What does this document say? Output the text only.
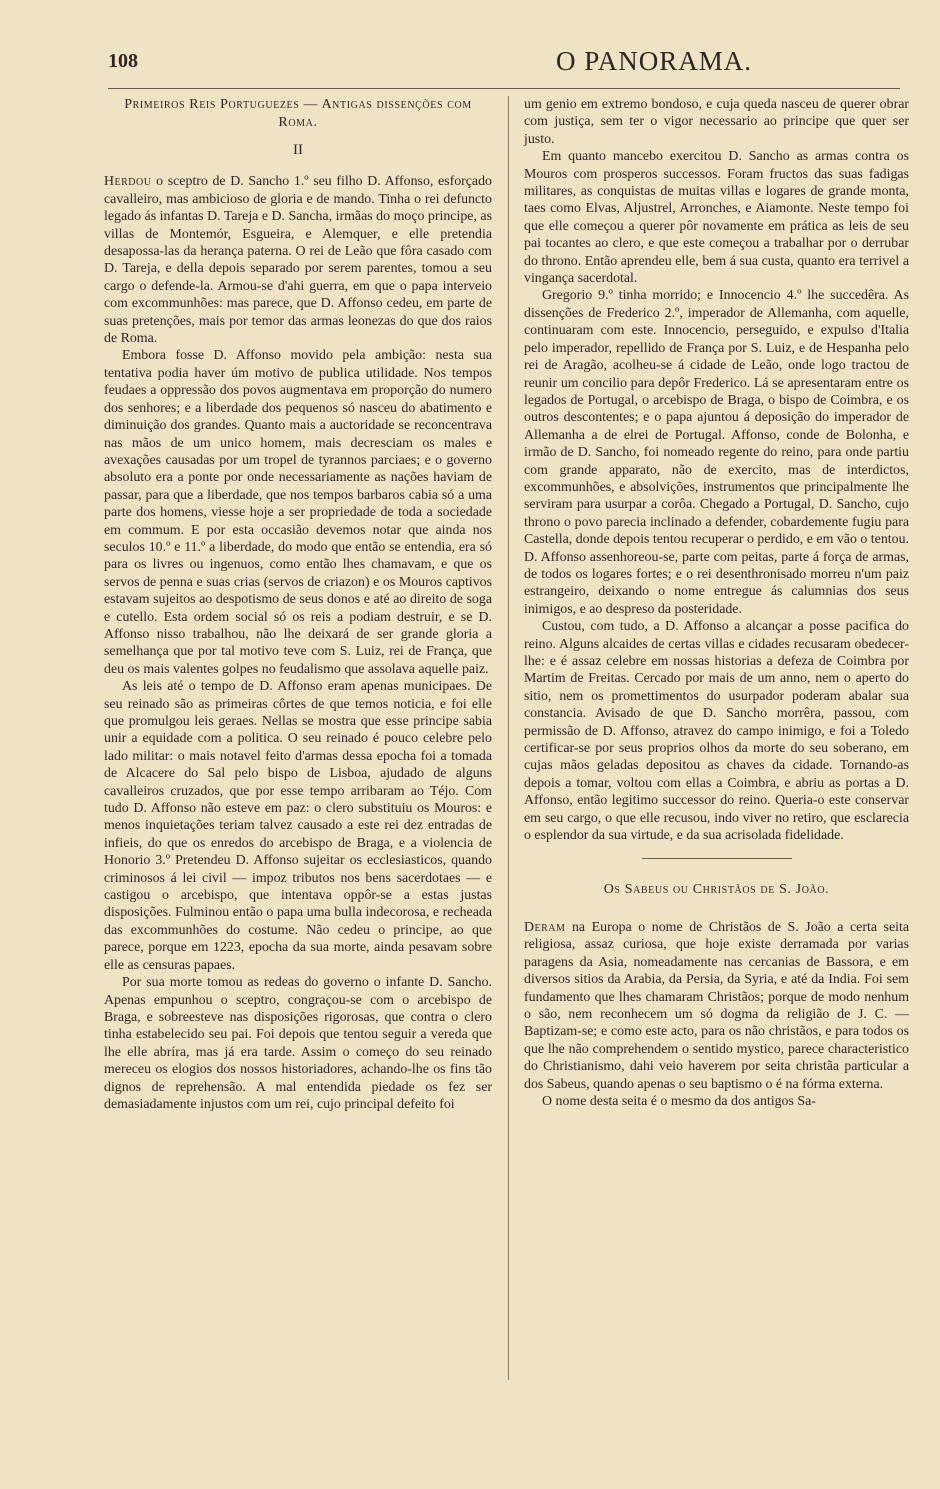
108	O PANORAMA.
Primeiros Reis Portuguezes — Antigas dissenções com Roma.
II

Herdou o sceptro de D. Sancho 1.º seu filho D. Affonso, esforçado cavalleiro, mas ambicioso de gloria e de mando. Tinha o rei defuncto legado ás infantas D. Tareja e D. Sancha, irmãas do moço principe, as villas de Montemór, Esgueira, e Alemquer, e elle pretendia desapossa-las da herança paterna. O rei de Leão que fôra casado com D. Tareja, e della depois separado por serem parentes, tomou a seu cargo o defende-la. Armou-se d'ahi guerra, em que o papa interveio com excommunhões: mas parece, que D. Affonso cedeu, em parte de suas pretenções, mais por temor das armas leonezas do que dos raios de Roma.

Embora fosse D. Affonso movido pela ambição: nesta sua tentativa podia haver úm motivo de publica utilidade. Nos tempos feudaes a oppressão dos povos augmentava em proporção do numero dos senhores; e a liberdade dos pequenos só nasceu do abatimento e diminuição dos grandes. Quanto mais a auctoridade se reconcentrava nas mãos de um unico homem, mais decresciam os males e avexações causadas por um tropel de tyrannos parciaes; e o governo absoluto era a ponte por onde necessariamente as nações haviam de passar, para que a liberdade, que nos tempos barbaros cabia só a uma parte dos homens, viesse hoje a ser propriedade de toda a sociedade em commum. E por esta occasião devemos notar que ainda nos seculos 10.º e 11.º a liberdade, do modo que então se entendia, era só para os livres ou ingenuos, como então lhes chamavam, e que os servos de penna e suas crias (servos de criazon) e os Mouros captivos estavam sujeitos ao despotismo de seus donos e até ao direito de soga e cutello. Esta ordem social só os reis a podiam destruir, e se D. Affonso nisso trabalhou, não lhe deixará de ser grande gloria a semelhança que por tal motivo teve com S. Luiz, rei de França, que deu os mais valentes golpes no feudalismo que assolava aquelle paiz.

As leis até o tempo de D. Affonso eram apenas municipaes. De seu reinado são as primeiras côrtes de que temos noticia, e foi elle que promulgou leis geraes. Nellas se mostra que esse principe sabia unir a equidade com a politica. O seu reinado é pouco celebre pelo lado militar: o mais notavel feito d'armas dessa epocha foi a tomada de Alcacere do Sal pelo bispo de Lisboa, ajudado de alguns cavalleiros cruzados, que por esse tempo arribaram ao Téjo. Com tudo D. Affonso não esteve em paz: o clero substituiu os Mouros: e menos inquietações teriam talvez causado a este rei dez entradas de infieis, do que os enredos do arcebispo de Braga, e a violencia de Honorio 3.º Pretendeu D. Affonso sujeitar os ecclesiasticos, quando criminosos á lei civil — impoz tributos nos bens sacerdotaes — e castigou o arcebispo, que intentava oppôr-se a estas justas disposições. Fulminou então o papa uma bulla indecorosa, e recheada das excommunhões do costume. Não cedeu o principe, ao que parece, porque em 1223, epocha da sua morte, ainda pesavam sobre elle as censuras papaes.

Por sua morte tomou as redeas do governo o infante D. Sancho. Apenas empunhou o sceptro, congraçou-se com o arcebispo de Braga, e sobreesteve nas disposições rigorosas, que contra o clero tinha estabelecido seu pai. Foi depois que tentou seguir a vereda que lhe elle abríra, mas já era tarde. Assim o começo do seu reinado mereceu os elogios dos nossos historiadores, achando-lhe os fins tão dignos de reprehensão. A mal entendida piedade os fez ser demasiadamente injustos com um rei, cujo principal defeito foi

um genio em extremo bondoso, e cuja queda nasceu de querer obrar com justiça, sem ter o vigor necessario ao principe que quer ser justo.

Em quanto mancebo exercitou D. Sancho as armas contra os Mouros com prosperos successos. Foram fructos das suas fadigas militares, as conquistas de muitas villas e logares de grande monta, taes como Elvas, Aljustrel, Arronches, e Aiamonte. Neste tempo foi que elle começou a querer pôr novamente em prática as leis de seu pai tocantes ao clero, e que este começou a trabalhar por o derrubar do throno. Então aprendeu elle, bem á sua custa, quanto era terrivel a vingança sacerdotal.

Gregorio 9.º tinha morrido; e Innocencio 4.º lhe succedêra. As dissenções de Frederico 2.º, imperador de Allemanha, com aquelle, continuaram com este. Innocencio, perseguido, e expulso d'Italia pelo imperador, repellido de França por S. Luiz, e de Hespanha pelo rei de Aragão, acolheu-se á cidade de Leão, onde logo tractou de reunir um concilio para depôr Frederico. Lá se apresentaram entre os legados de Portugal, o arcebispo de Braga, o bispo de Coimbra, e os outros descontentes; e o papa ajuntou á deposição do imperador de Allemanha a de elrei de Portugal. Affonso, conde de Bolonha, e irmão de D. Sancho, foi nomeado regente do reino, para onde partiu com grande apparato, não de exercito, mas de interdictos, excommunhões, e absolvições, instrumentos que principalmente lhe serviram para usurpar a corôa. Chegado a Portugal, D. Sancho, cujo throno o povo parecia inclinado a defender, cobardemente fugiu para Castella, donde depois tentou recuperar o perdido, e em vão o tentou. D. Affonso assenhoreou-se, parte com peitas, parte á força de armas, de todos os logares fortes; e o rei desenthronisado morreu n'um paiz estrangeiro, deixando o nome entregue ás calumnias dos seus inimigos, e ao despreso da posteridade.

Custou, com tudo, a D. Affonso a alcançar a posse pacifica do reino. Alguns alcaides de certas villas e cidades recusaram obedecer-lhe: e é assaz celebre em nossas historias a defeza de Coimbra por Martim de Freitas. Cercado por mais de um anno, nem o aperto do sitio, nem os promettimentos do usurpador poderam abalar sua constancia. Avisado de que D. Sancho morrêra, passou, com permissão de D. Affonso, atravez do campo inimigo, e foi a Toledo certificar-se por seus proprios olhos da morte do seu soberano, em cujas mãos geladas depositou as chaves da cidade. Tornando-as depois a tomar, voltou com ellas a Coimbra, e abriu as portas a D. Affonso, então legitimo successor do reino. Queria-o este conservar em seu cargo, o que elle recusou, indo viver no retiro, que esclarecia o esplendor da sua virtude, e da sua acrisolada fidelidade.

Os Sabeus ou Christãos de S. João.

Deram na Europa o nome de Christãos de S. João a certa seita religiosa, assaz curiosa, que hoje existe derramada por varias paragens da Asia, nomeadamente nas cercanias de Bassora, e em diversos sitios da Arabia, da Persia, da Syria, e até da India. Foi sem fundamento que lhes chamaram Christãos; porque de modo nenhum o são, nem reconhecem um só dogma da religião de J. C. — Baptizam-se; e como este acto, para os não christãos, e para todos os que lhe não comprehendem o sentido mystico, parece characteristico do Christianismo, dahi veio haverem por seita christãa particular a dos Sabeus, quando apenas o seu baptismo o é na fórma externa.

O nome desta seita é o mesmo da dos antigos Sa-
